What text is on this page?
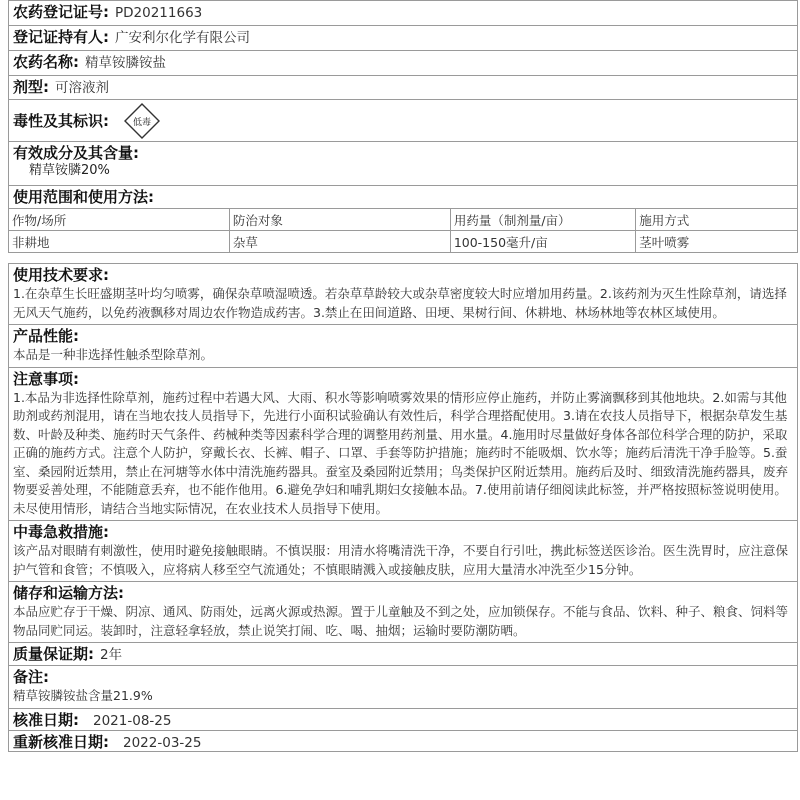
农药登记证号: PD20211663
登记证持有人: 广安利尔化学有限公司
农药名称: 精草铵膦铵盐
剂型: 可溶液剂
毒性及其标识:	低毒
有效成分及其含量:
精草铵膦20%
使用范围和使用方法:
作物/场所	防治对象	用药量（制剂量/亩）	施用方式
非耕地	杂草	100-150毫升/亩	茎叶喷雾
使用技术要求:
1.在杂草生长旺盛期茎叶均匀喷雾，确保杂草喷湿喷透。若杂草草龄较大或杂草密度较大时应增加用药量。2.该药剂为灭生性除草剂，请选择无风天气施药，以免药液飘移对周边农作物造成药害。3.禁止在田间道路、田埂、果树行间、休耕地、林场林地等农林区域使用。
产品性能:
本品是一种非选择性触杀型除草剂。
注意事项:
1.本品为非选择性除草剂，施药过程中若遇大风、大雨、积水等影响喷雾效果的情形应停止施药，并防止雾滴飘移到其他地块。2.如需与其他助剂或药剂混用，请在当地农技人员指导下，先进行小面积试验确认有效性后，科学合理搭配使用。3.请在农技人员指导下，根据杂草发生基数、叶龄及种类、施药时天气条件、药械种类等因素科学合理的调整用药剂量、用水量。4.施用时尽量做好身体各部位科学合理的防护，采取正确的施药方式。注意个人防护，穿戴长衣、长裤、帽子、口罩、手套等防护措施；施药时不能吸烟、饮水等；施药后清洗干净手脸等。5.蚕室、桑园附近禁用，禁止在河塘等水体中清洗施药器具。蚕室及桑园附近禁用；鸟类保护区附近禁用。施药后及时、细致清洗施药器具，废弃物要妥善处理，不能随意丢弃，也不能作他用。6.避免孕妇和哺乳期妇女接触本品。7.使用前请仔细阅读此标签，并严格按照标签说明使用。未尽使用情形，请结合当地实际情况，在农业技术人员指导下使用。
中毒急救措施:
该产品对眼睛有刺激性，使用时避免接触眼睛。不慎误服：用清水将嘴清洗干净，不要自行引吐，携此标签送医诊治。医生洗胃时，应注意保护气管和食管；不慎吸入，应将病人移至空气流通处；不慎眼睛溅入或接触皮肤，应用大量清水冲洗至少15分钟。
储存和运输方法:
本品应贮存于干燥、阴凉、通风、防雨处，远离火源或热源。置于儿童触及不到之处，应加锁保存。不能与食品、饮料、种子、粮食、饲料等物品同贮同运。装卸时，注意轻拿轻放，禁止说笑打闹、吃、喝、抽烟；运输时要防潮防晒。
质量保证期: 2年
备注:
精草铵膦铵盐含量21.9%
核准日期: 2021-08-25
重新核准日期: 2022-03-25
